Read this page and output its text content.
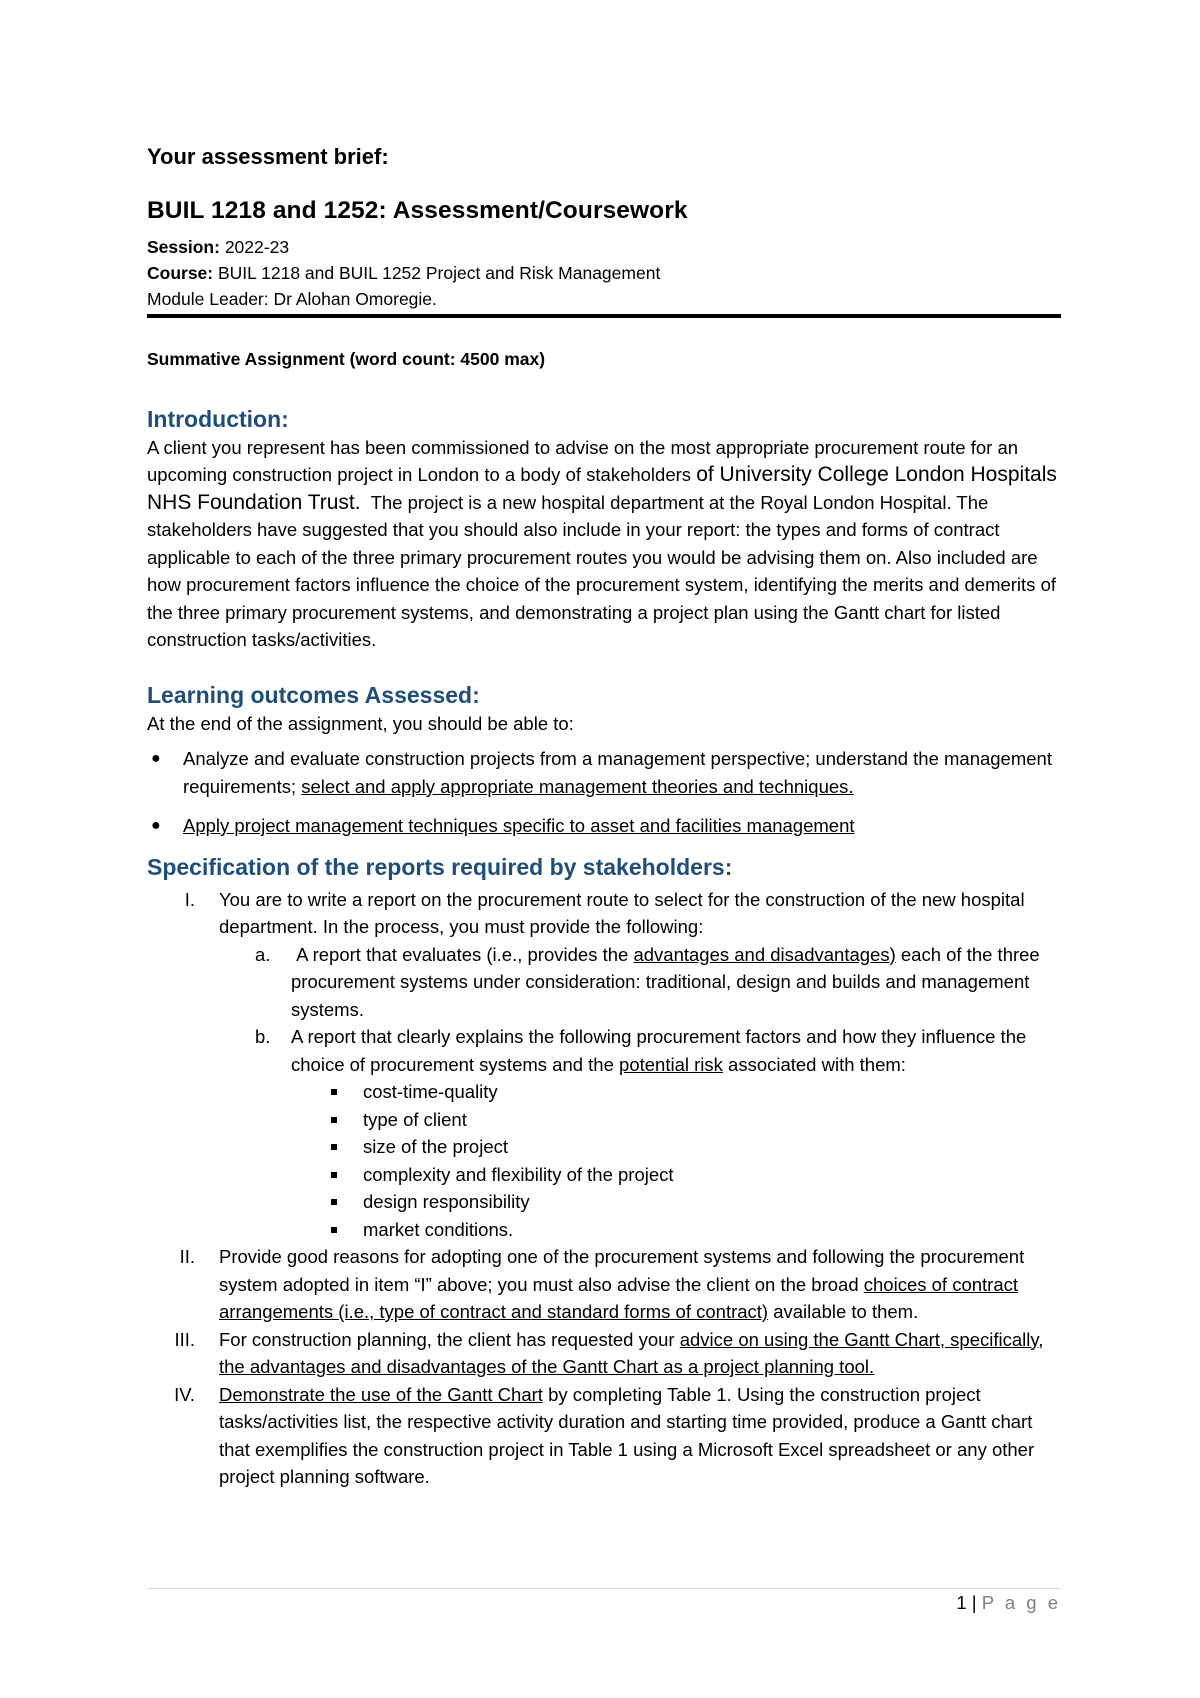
Your assessment brief:
BUIL 1218 and 1252: Assessment/Coursework
Session: 2022-23
Course: BUIL 1218 and BUIL 1252 Project and Risk Management
Module Leader: Dr Alohan Omoregie.
Summative Assignment (word count: 4500 max)
Introduction:

A client you represent has been commissioned to advise on the most appropriate procurement route for an upcoming construction project in London to a body of stakeholders of University College London Hospitals NHS Foundation Trust. The project is a new hospital department at the Royal London Hospital. The stakeholders have suggested that you should also include in your report: the types and forms of contract applicable to each of the three primary procurement routes you would be advising them on. Also included are how procurement factors influence the choice of the procurement system, identifying the merits and demerits of the three primary procurement systems, and demonstrating a project plan using the Gantt chart for listed construction tasks/activities.

Learning outcomes Assessed:

At the end of the assignment, you should be able to:

● Analyze and evaluate construction projects from a management perspective; understand the management requirements; select and apply appropriate management theories and techniques.
● Apply project management techniques specific to asset and facilities management
Specification of the reports required by stakeholders:
I. You are to write a report on the procurement route to select for the construction of the new hospital department. In the process, you must provide the following:
a. A report that evaluates (i.e., provides the advantages and disadvantages) each of the three procurement systems under consideration: traditional, design and builds and management systems.
b. A report that clearly explains the following procurement factors and how they influence the choice of procurement systems and the potential risk associated with them:
cost-time-quality
type of client
size of the project
complexity and flexibility of the project
design responsibility
market conditions.
II. Provide good reasons for adopting one of the procurement systems and following the procurement system adopted in item “I” above; you must also advise the client on the broad choices of contract arrangements (i.e., type of contract and standard forms of contract) available to them.
III. For construction planning, the client has requested your advice on using the Gantt Chart, specifically, the advantages and disadvantages of the Gantt Chart as a project planning tool.
IV. Demonstrate the use of the Gantt Chart by completing Table 1. Using the construction project tasks/activities list, the respective activity duration and starting time provided, produce a Gantt chart that exemplifies the construction project in Table 1 using a Microsoft Excel spreadsheet or any other project planning software.
1 | P a g e
